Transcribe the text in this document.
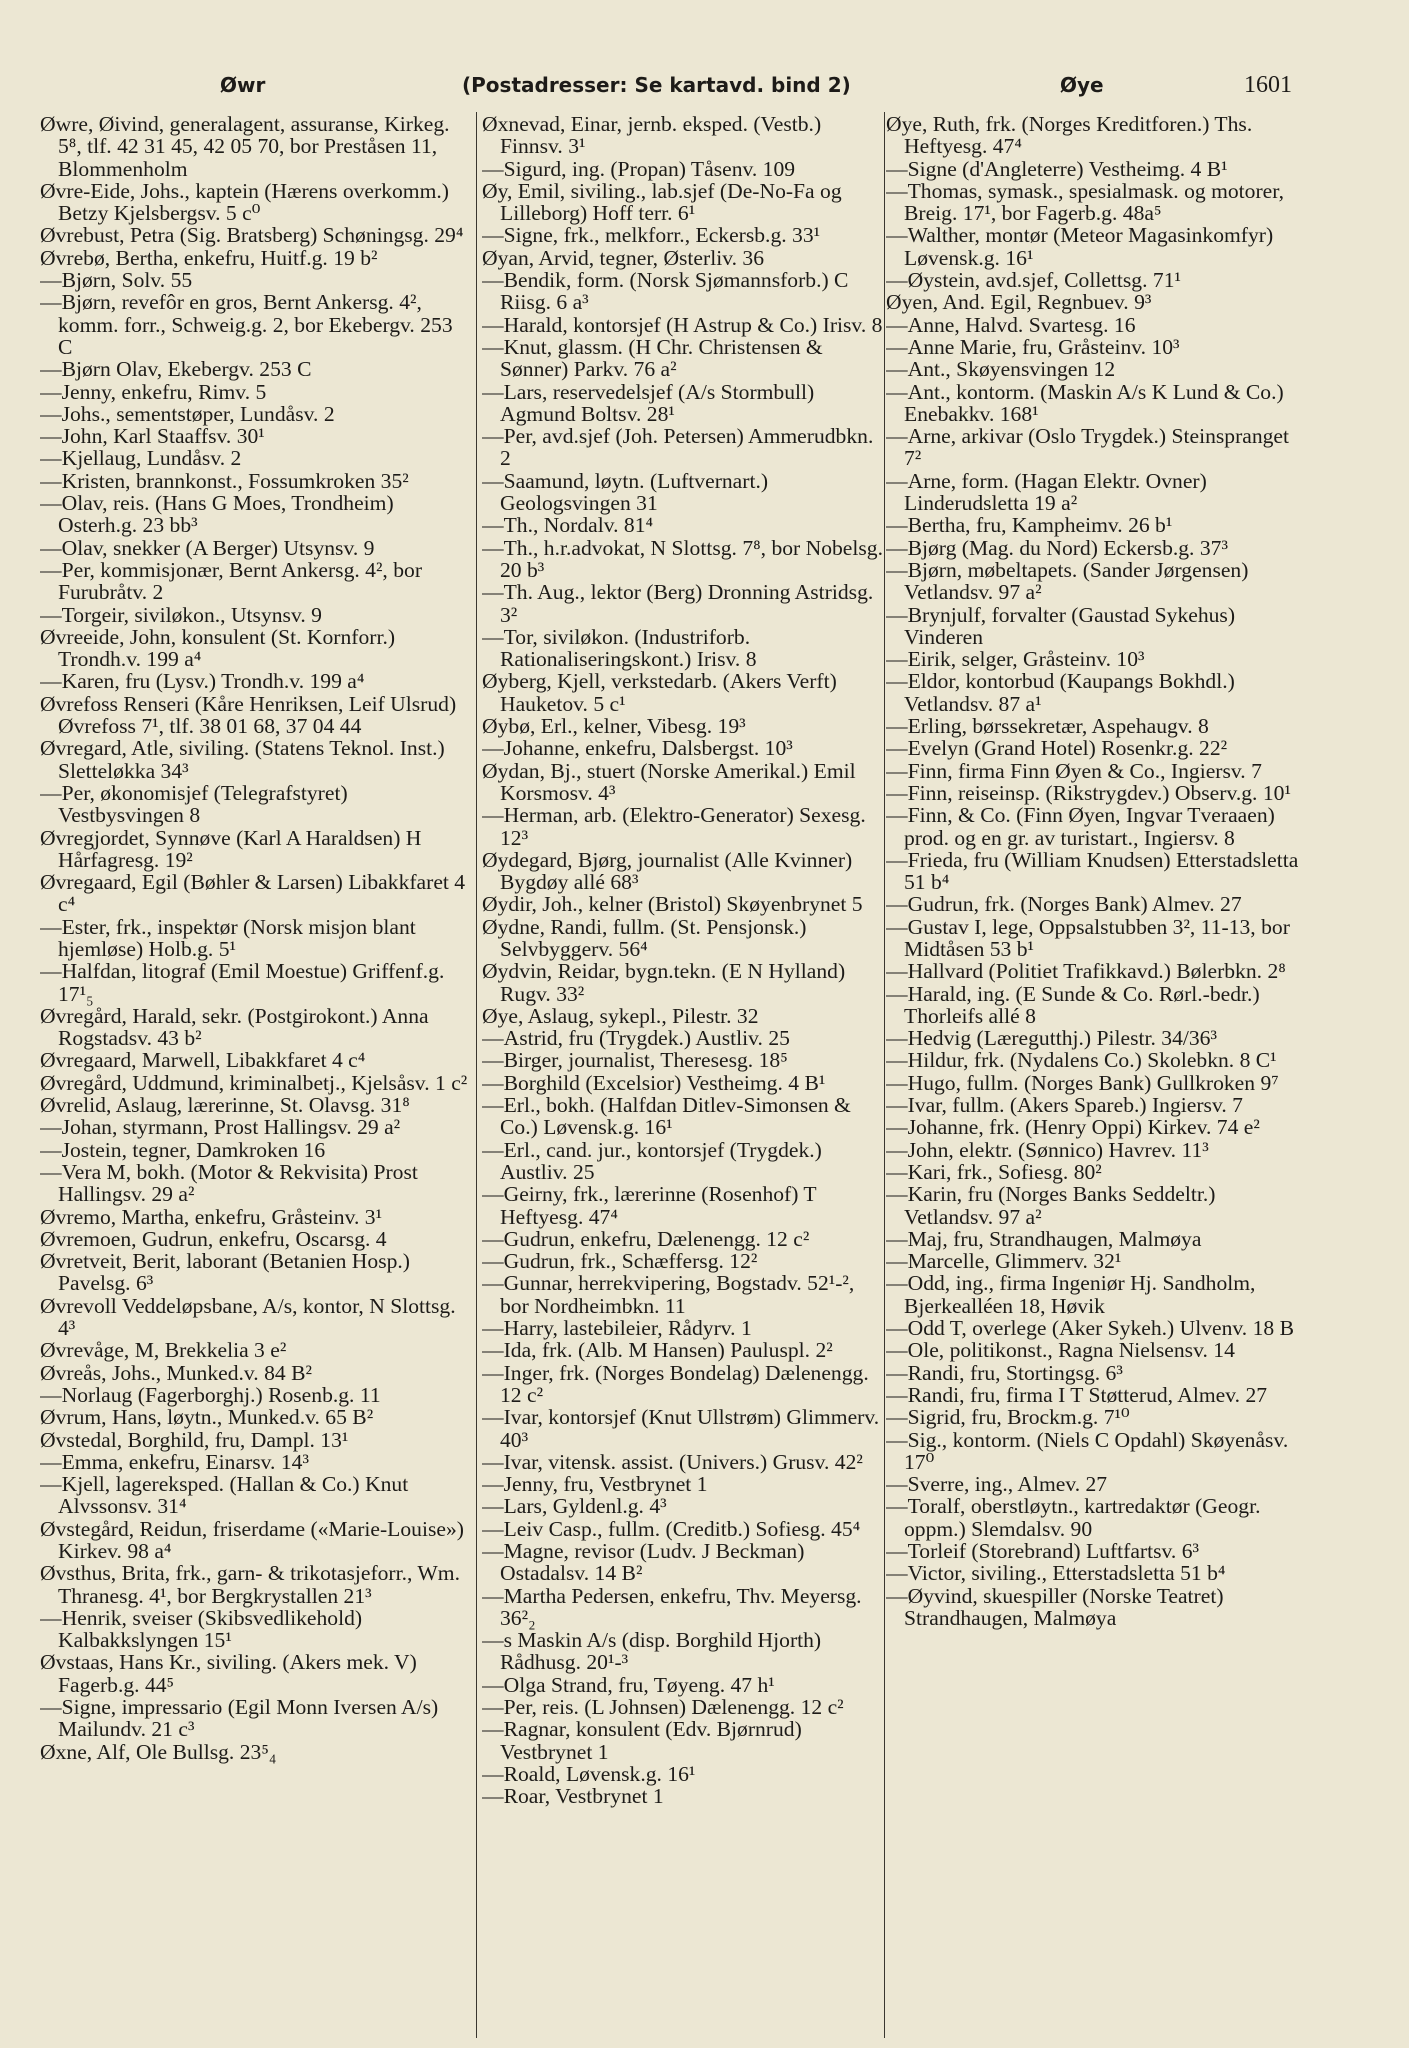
Øwr	(Postadresser: Se kartavd. bind 2)	Øye	1601

Øwre, Øivind, generalagent, assuranse, Kirkeg. 5⁸, tlf. 42 31 45, 42 05 70, bor Preståsen 11, Blommenholm

Øvre-Eide, Johs., kaptein (Hærens overkomm.) Betzy Kjelsbergsv. 5 c⁰

Øvrebust, Petra (Sig. Bratsberg) Schøningsg. 29⁴

Øvrebø, Bertha, enkefru, Huitf.g. 19 b²

—Bjørn, Solv. 55

—Bjørn, revefôr en gros, Bernt Ankersg. 4², komm. forr., Schweig.g. 2, bor Ekebergv. 253 C

—Bjørn Olav, Ekebergv. 253 C

—Jenny, enkefru, Rimv. 5

—Johs., sementstøper, Lundåsv. 2

—John, Karl Staaffsv. 30¹

—Kjellaug, Lundåsv. 2

—Kristen, brannkonst., Fossumkroken 35²

—Olav, reis. (Hans G Moes, Trondheim) Osterh.g. 23 bb³

—Olav, snekker (A Berger) Utsynsv. 9

—Per, kommisjonær, Bernt Ankersg. 4², bor Furubråtv. 2

—Torgeir, siviløkon., Utsynsv. 9

Øvreeide, John, konsulent (St. Kornforr.) Trondh.v. 199 a⁴

—Karen, fru (Lysv.) Trondh.v. 199 a⁴

Øvrefoss Renseri (Kåre Henriksen, Leif Ulsrud) Øvrefoss 7¹, tlf. 38 01 68, 37 04 44

Øvregard, Atle, siviling. (Statens Teknol. Inst.) Sletteløkka 34³

—Per, økonomisjef (Telegrafstyret) Vestbysvingen 8

Øvregjordet, Synnøve (Karl A Haraldsen) H Hårfagresg. 19²

Øvregaard, Egil (Bøhler & Larsen) Libakkfaret 4 c⁴

—Ester, frk., inspektør (Norsk misjon blant hjemløse) Holb.g. 5¹

—Halfdan, litograf (Emil Moestue) Griffenf.g. 17¹₅

Øvregård, Harald, sekr. (Postgirokont.) Anna Rogstadsv. 43 b²

Øvregaard, Marwell, Libakkfaret 4 c⁴

Øvregård, Uddmund, kriminalbetj., Kjelsåsv. 1 c²

Øvrelid, Aslaug, lærerinne, St. Olavsg. 31⁸

—Johan, styrmann, Prost Hallingsv. 29 a²

—Jostein, tegner, Damkroken 16

—Vera M, bokh. (Motor & Rekvisita) Prost Hallingsv. 29 a²

Øvremo, Martha, enkefru, Gråsteinv. 3¹

Øvremoen, Gudrun, enkefru, Oscarsg. 4

Øvretveit, Berit, laborant (Betanien Hosp.) Pavelsg. 6³

Øvrevoll Veddeløpsbane, A/s, kontor, N Slottsg. 4³

Øvrevåge, M, Brekkelia 3 e²

Øvreås, Johs., Munked.v. 84 B²

—Norlaug (Fagerborghj.) Rosenb.g. 11

Øvrum, Hans, løytn., Munked.v. 65 B²

Øvstedal, Borghild, fru, Dampl. 13¹

—Emma, enkefru, Einarsv. 14³

—Kjell, lagereksped. (Hallan & Co.) Knut Alvssonsv. 31⁴

Øvstegård, Reidun, friserdame («Marie-Louise») Kirkev. 98 a⁴

Øvsthus, Brita, frk., garn- & trikotasjeforr., Wm. Thranesg. 4¹, bor Bergkrystallen 21³

—Henrik, sveiser (Skibsvedlikehold) Kalbakkslyngen 15¹

Øvstaas, Hans Kr., siviling. (Akers mek. V) Fagerb.g. 44⁵

—Signe, impressario (Egil Monn Iversen A/s) Mailundv. 21 c³

Øxne, Alf, Ole Bullsg. 23⁵₄

Øxnevad, Einar, jernb. eksped. (Vestb.) Finnsv. 3¹

—Sigurd, ing. (Propan) Tåsenv. 109

Øy, Emil, siviling., lab.sjef (De-No-Fa og Lilleborg) Hoff terr. 6¹

—Signe, frk., melkforr., Eckersb.g. 33¹

Øyan, Arvid, tegner, Østerliv. 36

—Bendik, form. (Norsk Sjømannsforb.) C Riisg. 6 a³

—Harald, kontorsjef (H Astrup & Co.) Irisv. 8

—Knut, glassm. (H Chr. Christensen & Sønner) Parkv. 76 a²

—Lars, reservedelsjef (A/s Stormbull) Agmund Boltsv. 28¹

—Per, avd.sjef (Joh. Petersen) Ammerudbkn. 2

—Saamund, løytn. (Luftvernart.) Geologsvingen 31

—Th., Nordalv. 81⁴

—Th., h.r.advokat, N Slottsg. 7⁸, bor Nobelsg. 20 b³

—Th. Aug., lektor (Berg) Dronning Astridsg. 3²

—Tor, siviløkon. (Industriforb. Rationaliseringskont.) Irisv. 8

Øyberg, Kjell, verkstedarb. (Akers Verft) Hauketov. 5 c¹

Øybø, Erl., kelner, Vibesg. 19³

—Johanne, enkefru, Dalsbergst. 10³

Øydan, Bj., stuert (Norske Amerikal.) Emil Korsmosv. 4³

—Herman, arb. (Elektro-Generator) Sexesg. 12³

Øydegard, Bjørg, journalist (Alle Kvinner) Bygdøy allé 68³

Øydir, Joh., kelner (Bristol) Skøyenbrynet 5

Øydne, Randi, fullm. (St. Pensjonsk.) Selvbyggerv. 56⁴

Øydvin, Reidar, bygn.tekn. (E N Hylland) Rugv. 33²

Øye, Aslaug, sykepl., Pilestr. 32

—Astrid, fru (Trygdek.) Austliv. 25

—Birger, journalist, Theresesg. 18⁵

—Borghild (Excelsior) Vestheimg. 4 B¹

—Erl., bokh. (Halfdan Ditlev-Simonsen & Co.) Løvensk.g. 16¹

—Erl., cand. jur., kontorsjef (Trygdek.) Austliv. 25

—Geirny, frk., lærerinne (Rosenhof) T Heftyesg. 47⁴

—Gudrun, enkefru, Dælenengg. 12 c²

—Gudrun, frk., Schæffersg. 12²

—Gunnar, herrekvipering, Bogstadv. 52¹-², bor Nordheimbkn. 11

—Harry, lastebileier, Rådyrv. 1

—Ida, frk. (Alb. M Hansen) Pauluspl. 2²

—Inger, frk. (Norges Bondelag) Dælenengg. 12 c²

—Ivar, kontorsjef (Knut Ullstrøm) Glimmerv. 40³

—Ivar, vitensk. assist. (Univers.) Grusv. 42²

—Jenny, fru, Vestbrynet 1

—Lars, Gyldenl.g. 4³

—Leiv Casp., fullm. (Creditb.) Sofiesg. 45⁴

—Magne, revisor (Ludv. J Beckman) Ostadalsv. 14 B²

—Martha Pedersen, enkefru, Thv. Meyersg. 36²₂

—s Maskin A/s (disp. Borghild Hjorth) Rådhusg. 20¹-³

—Olga Strand, fru, Tøyeng. 47 h¹

—Per, reis. (L Johnsen) Dælenengg. 12 c²

—Ragnar, konsulent (Edv. Bjørnrud) Vestbrynet 1

—Roald, Løvensk.g. 16¹

—Roar, Vestbrynet 1

Øye, Ruth, frk. (Norges Kreditforen.) Ths. Heftyesg. 47⁴

—Signe (d'Angleterre) Vestheimg. 4 B¹

—Thomas, symask., spesialmask. og motorer, Breig. 17¹, bor Fagerb.g. 48a⁵

—Walther, montør (Meteor Magasinkomfyr) Løvensk.g. 16¹

—Øystein, avd.sjef, Collettsg. 71¹

Øyen, And. Egil, Regnbuev. 9³

—Anne, Halvd. Svartesg. 16

—Anne Marie, fru, Gråsteinv. 10³

—Ant., Skøyensvingen 12

—Ant., kontorm. (Maskin A/s K Lund & Co.) Enebakkv. 168¹

—Arne, arkivar (Oslo Trygdek.) Steinspranget 7²

—Arne, form. (Hagan Elektr. Ovner) Linderudsletta 19 a²

—Bertha, fru, Kampheimv. 26 b¹

—Bjørg (Mag. du Nord) Eckersb.g. 37³

—Bjørn, møbeltapets. (Sander Jørgensen) Vetlandsv. 97 a²

—Brynjulf, forvalter (Gaustad Sykehus) Vinderen

—Eirik, selger, Gråsteinv. 10³

—Eldor, kontorbud (Kaupangs Bokhdl.) Vetlandsv. 87 a¹

—Erling, børssekretær, Aspehaugv. 8

—Evelyn (Grand Hotel) Rosenkr.g. 22²

—Finn, firma Finn Øyen & Co., Ingiersv. 7

—Finn, reiseinsp. (Rikstrygdev.) Observ.g. 10¹

—Finn, & Co. (Finn Øyen, Ingvar Tveraaen) prod. og en gr. av turistart., Ingiersv. 8

—Frieda, fru (William Knudsen) Etterstadsletta 51 b⁴

—Gudrun, frk. (Norges Bank) Almev. 27

—Gustav I, lege, Oppsalstubben 3², 11-13, bor Midtåsen 53 b¹

—Hallvard (Politiet Trafikkavd.) Bølerbkn. 2⁸

—Harald, ing. (E Sunde & Co. Rørl.-bedr.) Thorleifs allé 8

—Hedvig (Læregutthj.) Pilestr. 34/36³

—Hildur, frk. (Nydalens Co.) Skolebkn. 8 C¹

—Hugo, fullm. (Norges Bank) Gullkroken 9⁷

—Ivar, fullm. (Akers Spareb.) Ingiersv. 7

—Johanne, frk. (Henry Oppi) Kirkev. 74 e²

—John, elektr. (Sønnico) Havrev. 11³

—Kari, frk., Sofiesg. 80²

—Karin, fru (Norges Banks Seddeltr.) Vetlandsv. 97 a²

—Maj, fru, Strandhaugen, Malmøya

—Marcelle, Glimmerv. 32¹

—Odd, ing., firma Ingeniør Hj. Sandholm, Bjerkealléen 18, Høvik

—Odd T, overlege (Aker Sykeh.) Ulvenv. 18 B

—Ole, politikonst., Ragna Nielsensv. 14

—Randi, fru, Stortingsg. 6³

—Randi, fru, firma I T Støtterud, Almev. 27

—Sigrid, fru, Brockm.g. 7¹⁰

—Sig., kontorm. (Niels C Opdahl) Skøyenåsv. 17⁰

—Sverre, ing., Almev. 27

—Toralf, oberstløytn., kartredaktør (Geogr. oppm.) Slemdalsv. 90

—Torleif (Storebrand) Luftfartsv. 6³

—Victor, siviling., Etterstadsletta 51 b⁴

—Øyvind, skuespiller (Norske Teatret) Strandhaugen, Malmøya
